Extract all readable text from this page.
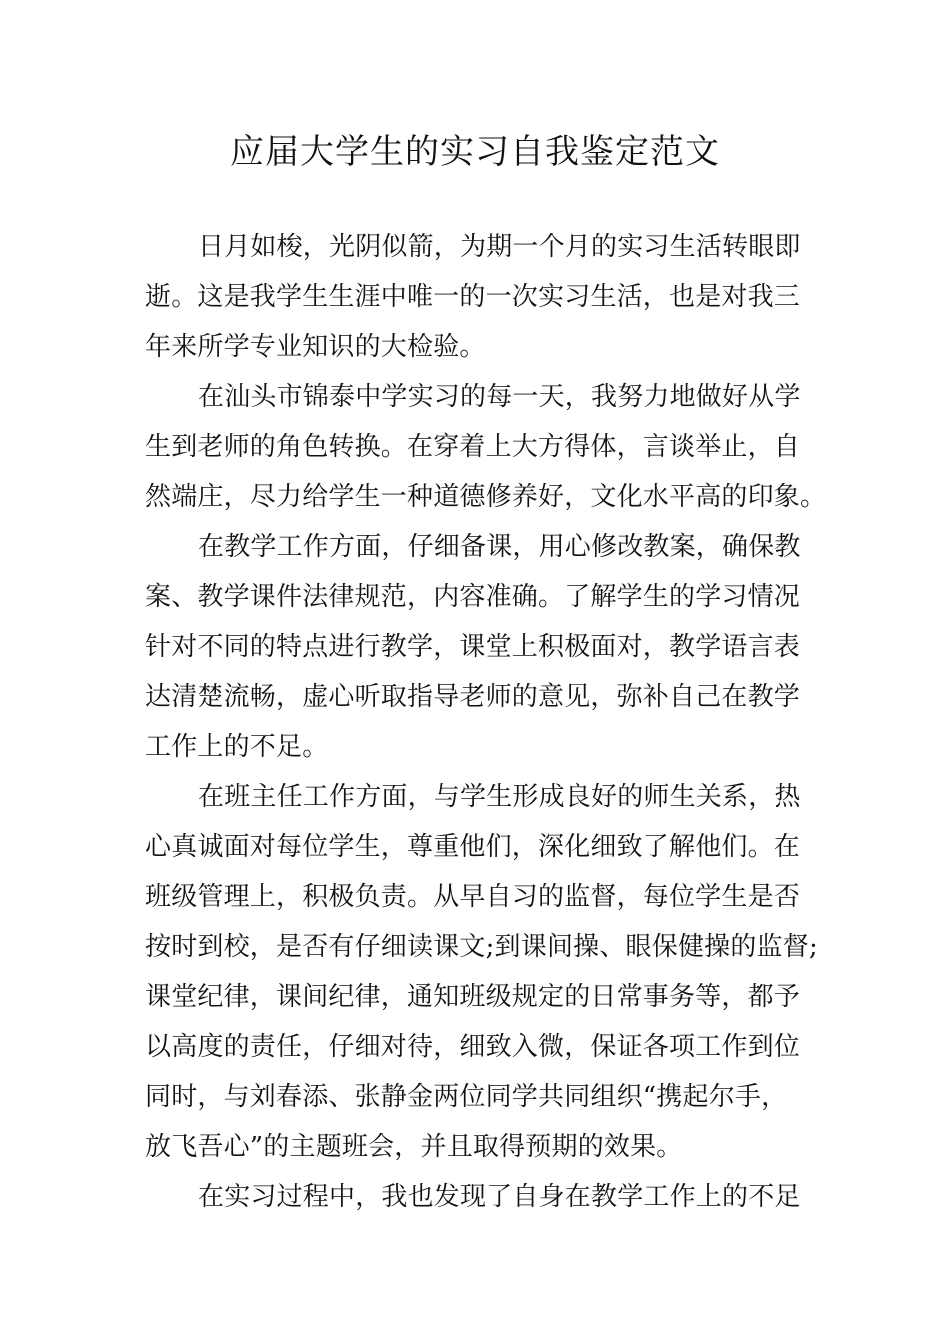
应届大学生的实习自我鉴定范文
日月如梭，光阴似箭，为期一个月的实习生活转眼即
逝。这是我学生生涯中唯一的一次实习生活，也是对我三
年来所学专业知识的大检验。
在汕头市锦泰中学实习的每一天，我努力地做好从学
生到老师的角色转换。在穿着上大方得体，言谈举止，自
然端庄，尽力给学生一种道德修养好，文化水平高的印象。
在教学工作方面，仔细备课，用心修改教案，确保教
案、教学课件法律规范，内容准确。了解学生的学习情况
针对不同的特点进行教学，课堂上积极面对，教学语言表
达清楚流畅，虚心听取指导老师的意见，弥补自己在教学
工作上的不足。
在班主任工作方面，与学生形成良好的师生关系，热
心真诚面对每位学生，尊重他们，深化细致了解他们。在
班级管理上，积极负责。从早自习的监督，每位学生是否
按时到校，是否有仔细读课文;到课间操、眼保健操的监督;
课堂纪律，课间纪律，通知班级规定的日常事务等，都予
以高度的责任，仔细对待，细致入微，保证各项工作到位
同时，与刘春添、张静金两位同学共同组织“携起尔手，
放飞吾心”的主题班会，并且取得预期的效果。
在实习过程中，我也发现了自身在教学工作上的不足
